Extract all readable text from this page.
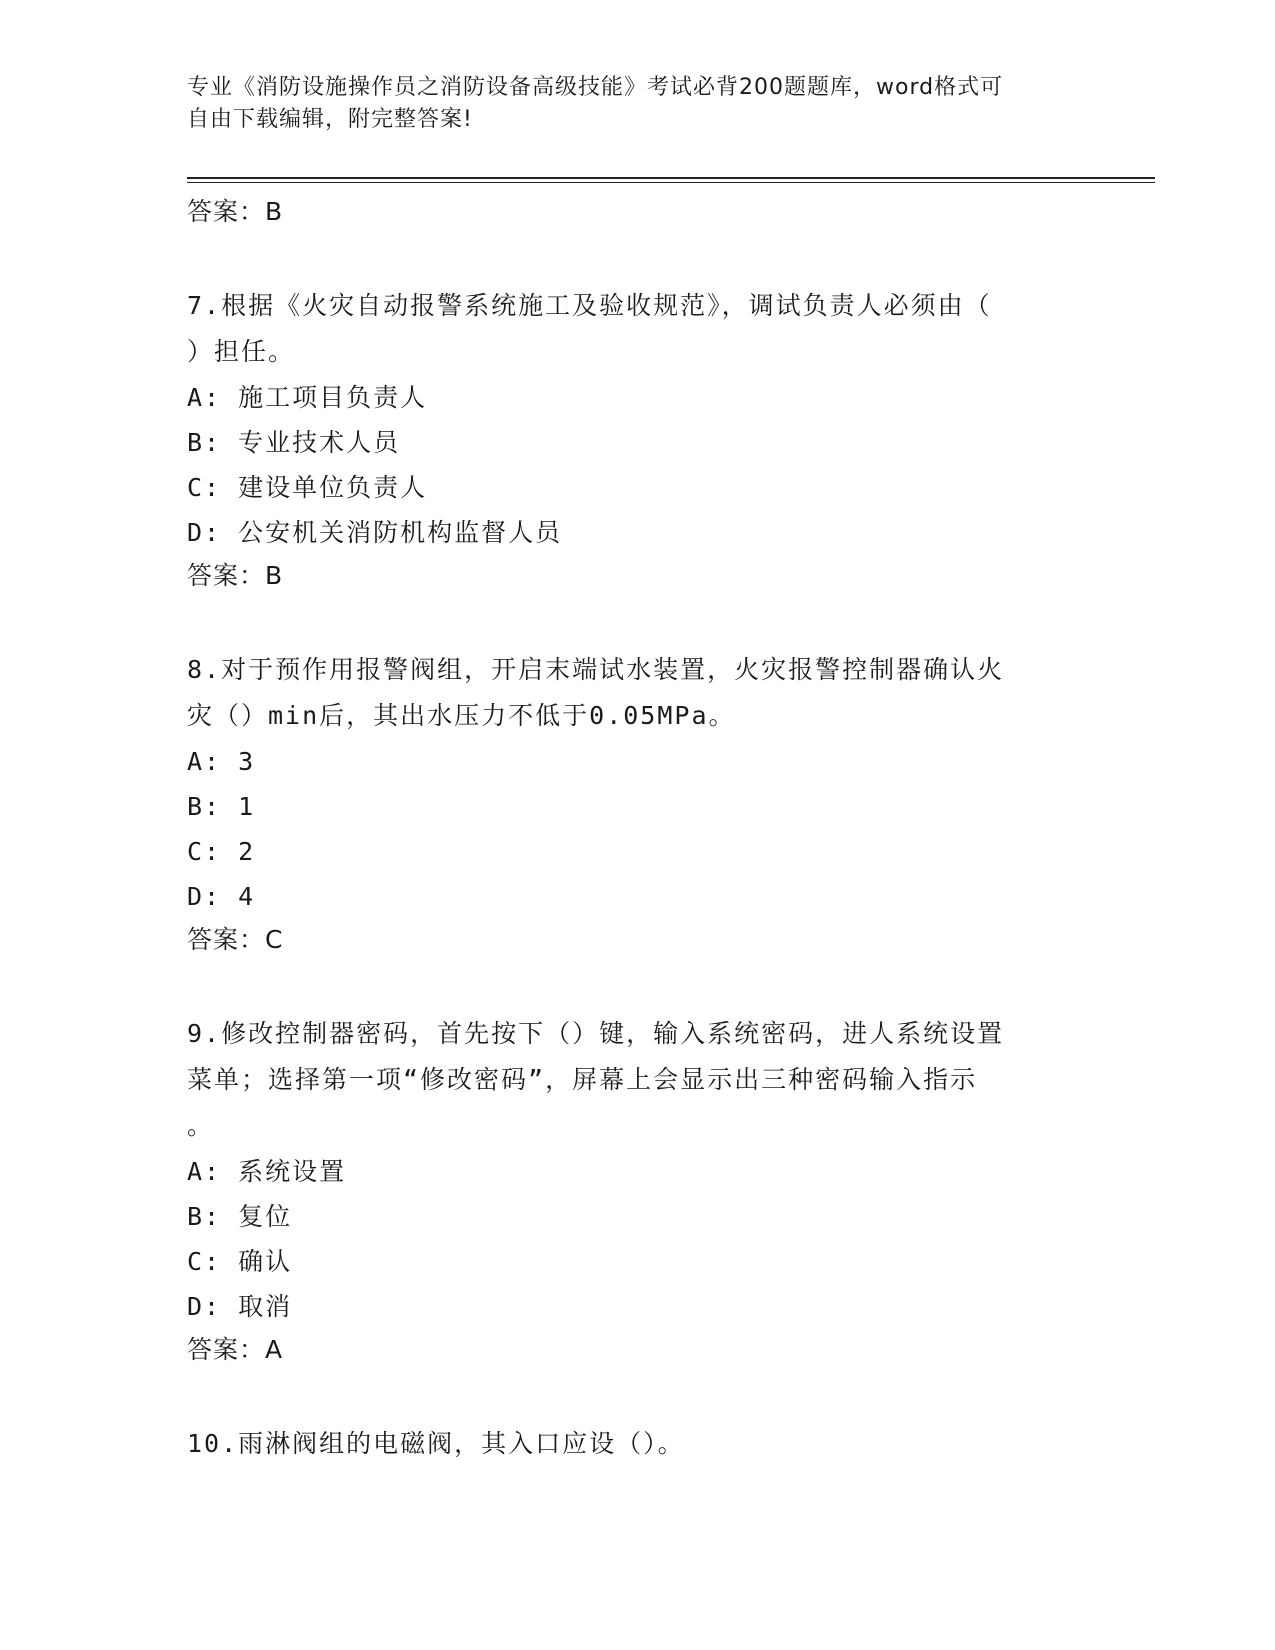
专业《消防设施操作员之消防设备高级技能》考试必背200题题库，word格式可
自由下载编辑，附完整答案!
答案：B
7.根据《火灾自动报警系统施工及验收规范》，调试负责人必须由（
）担任。
A: 施工项目负责人
B: 专业技术人员
C: 建设单位负责人
D: 公安机关消防机构监督人员
答案：B
8.对于预作用报警阀组，开启末端试水装置，火灾报警控制器确认火
灾（）min后，其出水压力不低于0.05MPa。
A: 3
B: 1
C: 2
D: 4
答案：C
9.修改控制器密码，首先按下（）键，输入系统密码，进人系统设置
菜单；选择第一项“修改密码”，屏幕上会显示出三种密码输入指示
。
A: 系统设置
B: 复位
C: 确认
D: 取消
答案：A
10.雨淋阀组的电磁阀，其入口应设（）。
